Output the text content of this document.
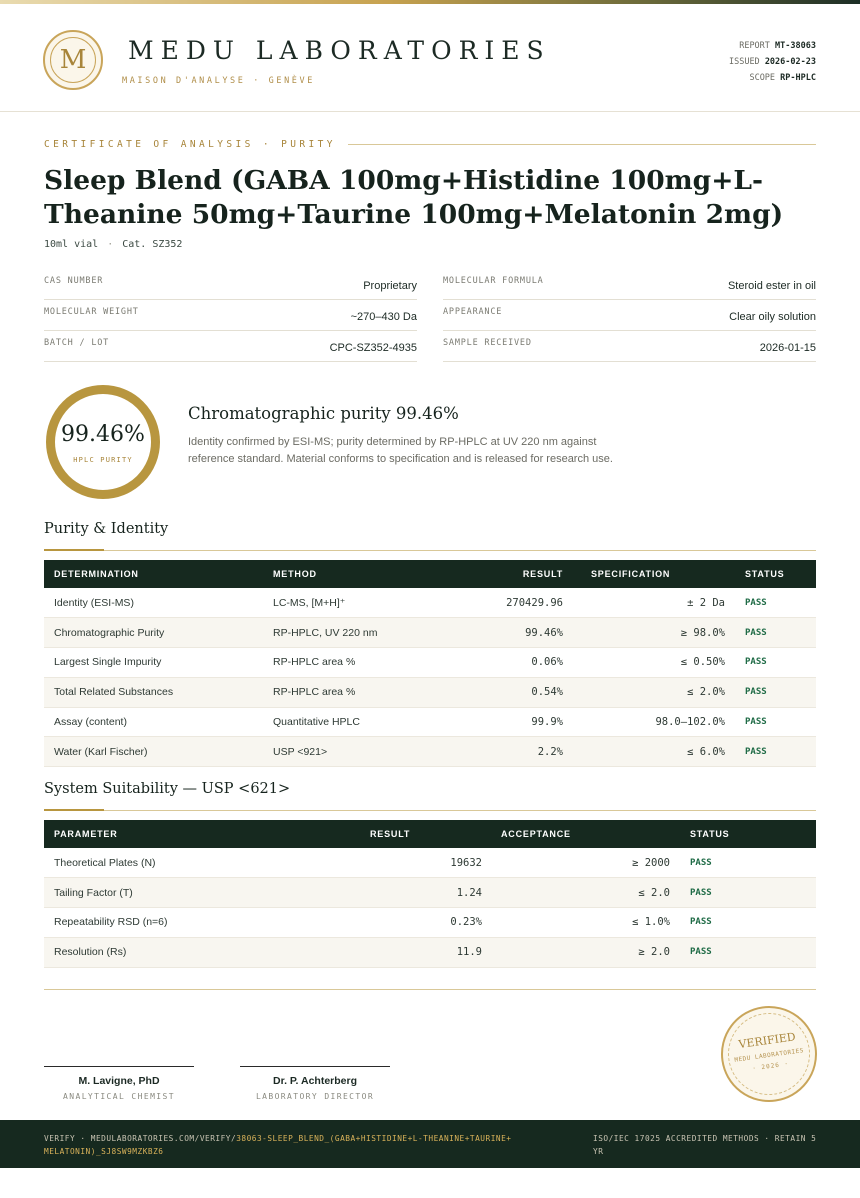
M	MEDU LABORATORIES
MAISON D'ANALYSE · GENÈVE
REPORT MT-38063
ISSUED 2026-02-23
SCOPE RP-HPLC
CERTIFICATE OF ANALYSIS · PURITY
Sleep Blend (GABA 100mg+Histidine 100mg+L-Theanine 50mg+Taurine 100mg+Melatonin 2mg)
10ml vial · Cat. SZ352
CAS NUMBER	Proprietary	MOLECULAR FORMULA	Steroid ester in oil
MOLECULAR WEIGHT	~270–430 Da	APPEARANCE	Clear oily solution
BATCH / LOT	CPC-SZ352-4935	SAMPLE RECEIVED	2026-01-15
99.46%
HPLC PURITY
Chromatographic purity 99.46%

Identity confirmed by ESI-MS; purity determined by RP-HPLC at UV 220 nm against reference standard. Material conforms to specification and is released for research use.

Purity & Identity
DETERMINATION	METHOD	RESULT	SPECIFICATION	STATUS
Identity (ESI-MS)	LC-MS, [M+H]⁺	270429.96	± 2 Da	PASS
Chromatographic Purity	RP-HPLC, UV 220 nm	99.46%	≥ 98.0%	PASS
Largest Single Impurity	RP-HPLC area %	0.06%	≤ 0.50%	PASS
Total Related Substances	RP-HPLC area %	0.54%	≤ 2.0%	PASS
Assay (content)	Quantitative HPLC	99.9%	98.0–102.0%	PASS
Water (Karl Fischer)	USP <921>	2.2%	≤ 6.0%	PASS
System Suitability — USP <621>
PARAMETER	RESULT	ACCEPTANCE	STATUS
Theoretical Plates (N)	19632	≥ 2000	PASS
Tailing Factor (T)	1.24	≤ 2.0	PASS
Repeatability RSD (n=6)	0.23%	≤ 1.0%	PASS
Resolution (Rs)	11.9	≥ 2.0	PASS
M. Lavigne, PhD
ANALYTICAL CHEMIST
Dr. P. Achterberg
LABORATORY DIRECTOR
VERIFIED
MEDU LABORATORIES
· 2026 ·
VERIFY · MEDULABORATORIES.COM/VERIFY/38063-SLEEP_BLEND_(GABA+HISTIDINE+L-THEANINE+TAURINE+MELATONIN)_SJ8SW9MZKBZ6
ISO/IEC 17025 ACCREDITED METHODS · RETAIN 5 YR
